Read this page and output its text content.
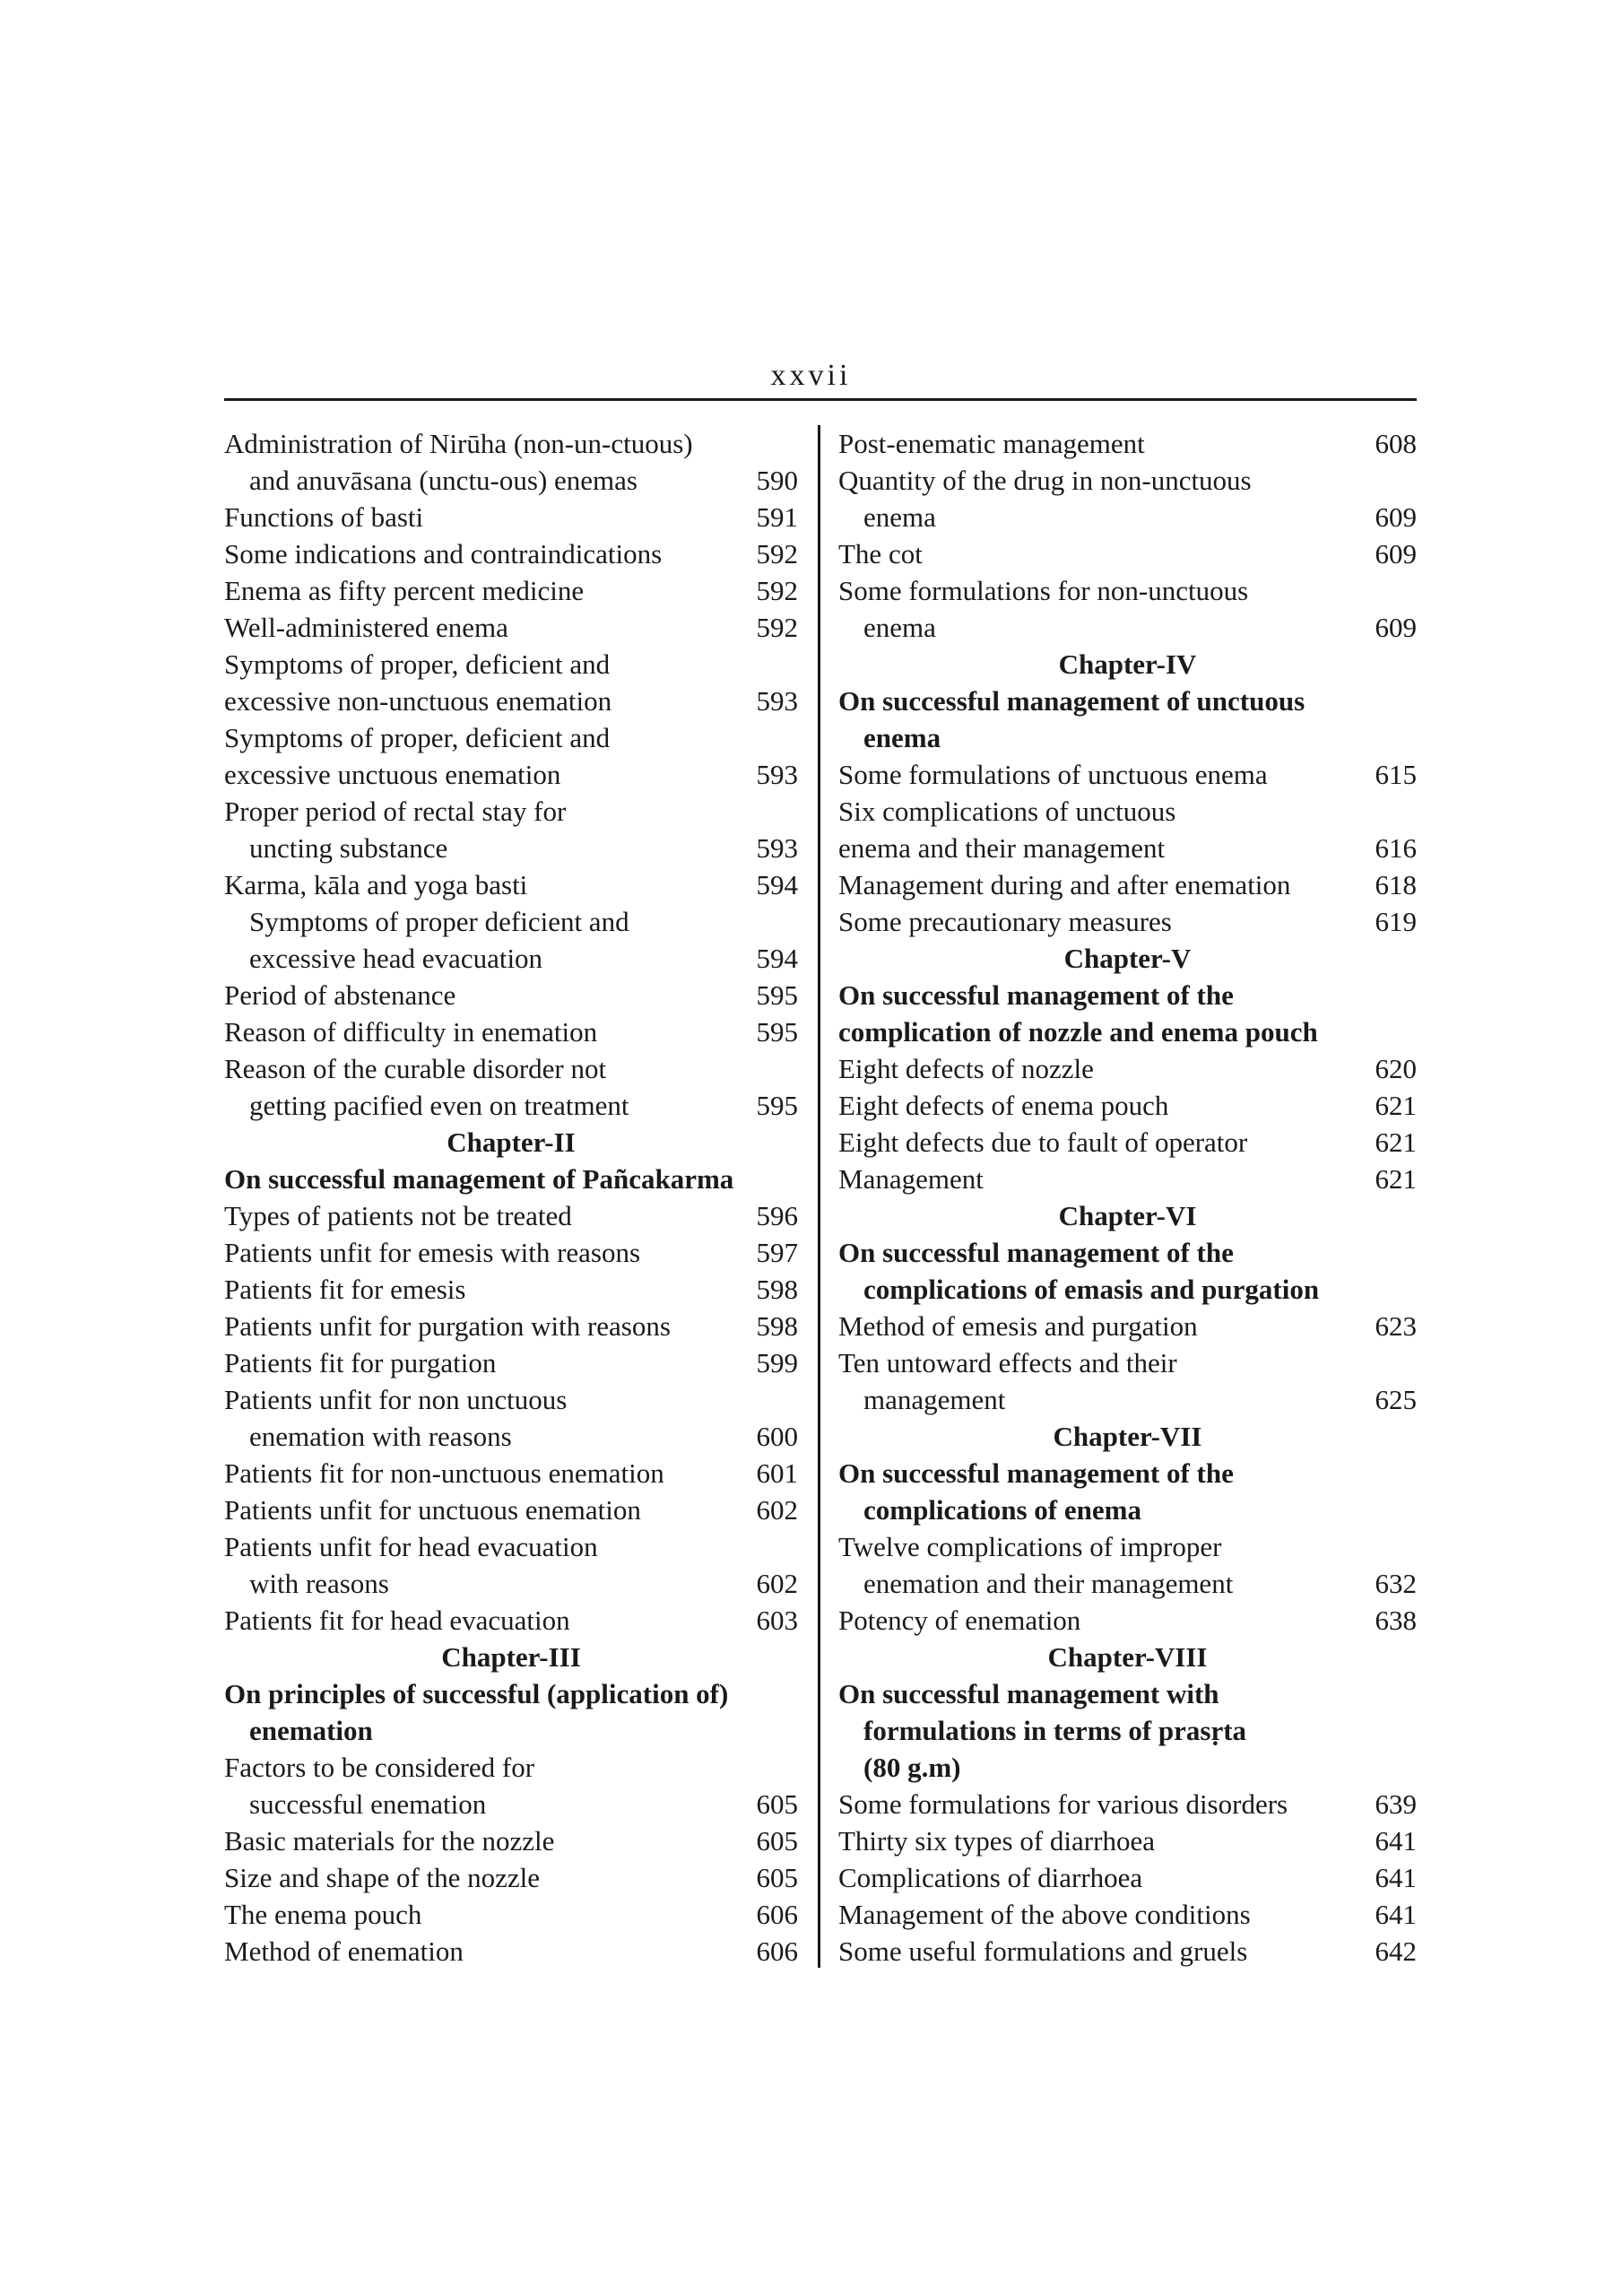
xxvii
Administration of Nirūha (non-un-ctuous)
and anuvāsana (unctu-ous) enemas	590
Functions of basti	591
Some indications and contraindications	592
Enema as fifty percent medicine	592
Well-administered enema	592
Symptoms of proper, deficient and
excessive non-unctuous enemation	593
Symptoms of proper, deficient and
excessive unctuous enemation	593
Proper period of rectal stay for
uncting substance	593
Karma, kāla and yoga basti	594
Symptoms of proper deficient and
excessive head evacuation	594
Period of abstenance	595
Reason of difficulty in enemation	595
Reason of the curable disorder not
getting pacified even on treatment	595
Chapter-II
On successful management of Pañcakarma
Types of patients not be treated	596
Patients unfit for emesis with reasons	597
Patients fit for emesis	598
Patients unfit for purgation with reasons	598
Patients fit for purgation	599
Patients unfit for non unctuous
enemation with reasons	600
Patients fit for non-unctuous enemation	601
Patients unfit for unctuous enemation	602
Patients unfit for head evacuation
with reasons	602
Patients fit for head evacuation	603
Chapter-III
On principles of successful (application of)
enemation
Factors to be considered for
successful enemation	605
Basic materials for the nozzle	605
Size and shape of the nozzle	605
The enema pouch	606
Method of enemation	606
Post-enematic management	608
Quantity of the drug in non-unctuous
enema	609
The cot	609
Some formulations for non-unctuous
enema	609
Chapter-IV
On successful management of unctuous
enema
Some formulations of unctuous enema	615
Six complications of unctuous
enema and their management	616
Management during and after enemation	618
Some precautionary measures	619
Chapter-V
On successful management of the
complication of nozzle and enema pouch
Eight defects of nozzle	620
Eight defects of enema pouch	621
Eight defects due to fault of operator	621
Management	621
Chapter-VI
On successful management of the
complications of emasis and purgation
Method of emesis and purgation	623
Ten untoward effects and their
management	625
Chapter-VII
On successful management of the
complications of enema
Twelve complications of improper
enemation and their management	632
Potency of enemation	638
Chapter-VIII
On successful management with
formulations in terms of prasṛta
(80 g.m)
Some formulations for various disorders	639
Thirty six types of diarrhoea	641
Complications of diarrhoea	641
Management of the above conditions	641
Some useful formulations and gruels	642
